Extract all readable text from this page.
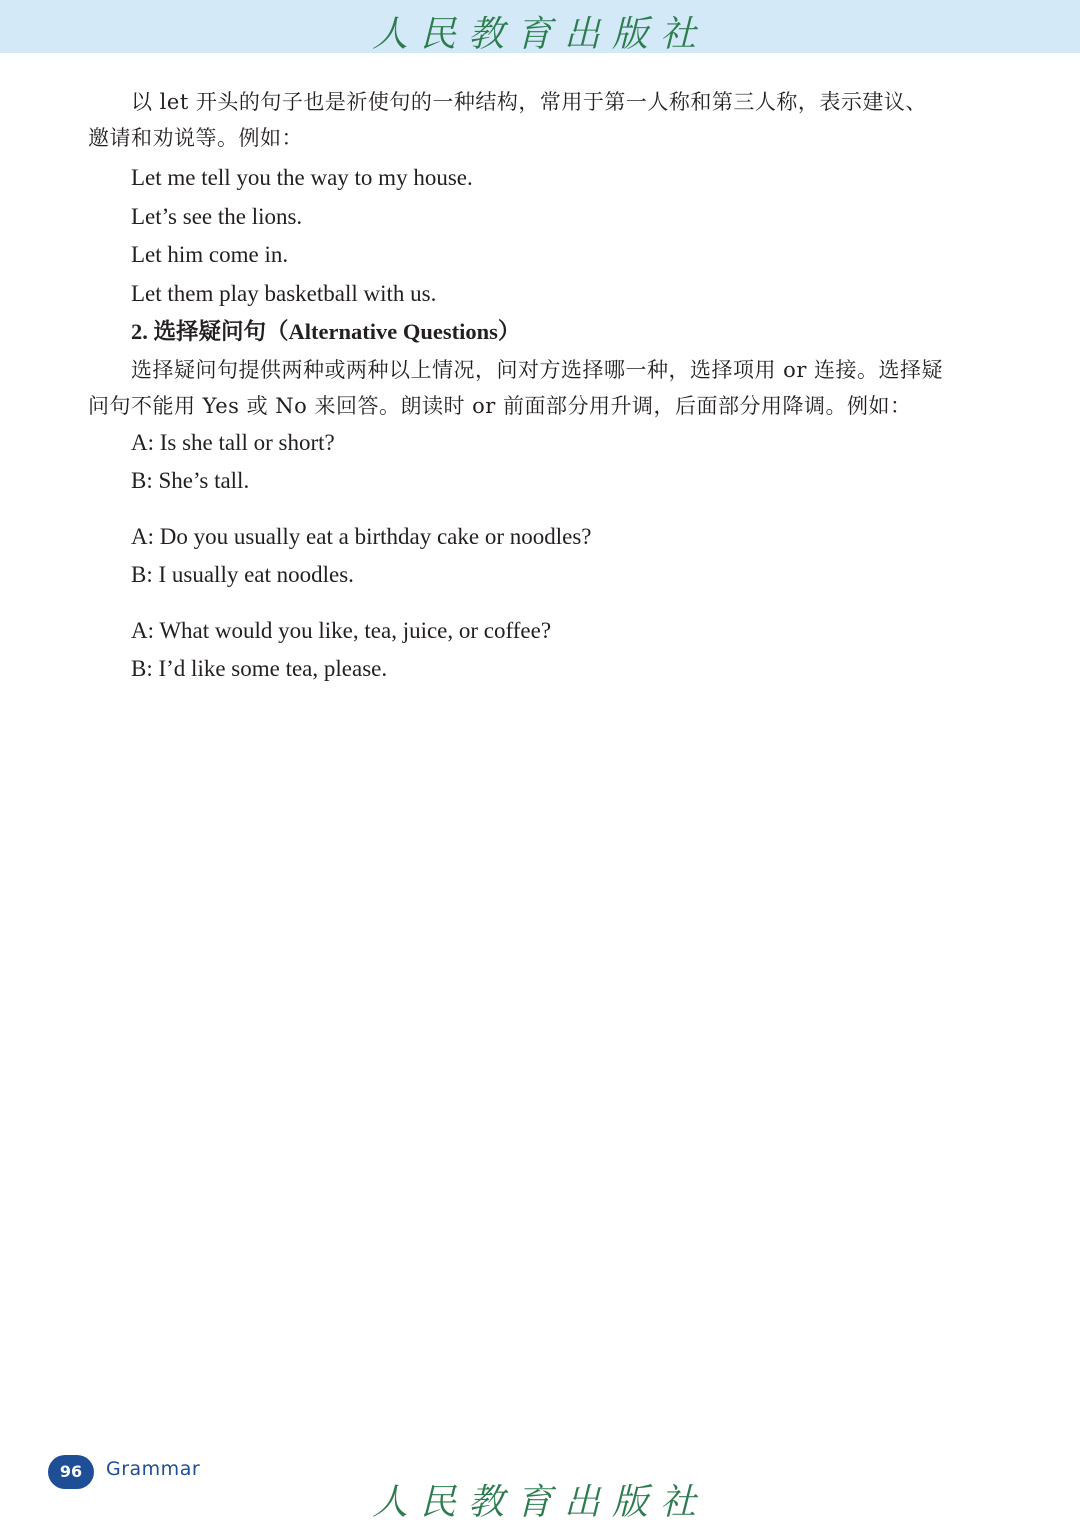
人民教育出版社

以 let 开头的句子也是祈使句的一种结构，常用于第一人称和第三人称，表示建议、邀请和劝说等。例如：

Let me tell you the way to my house.

Let’s see the lions.

Let him come in.

Let them play basketball with us.

2. 选择疑问句（Alternative Questions）

选择疑问句提供两种或两种以上情况，问对方选择哪一种，选择项用 or 连接。选择疑问句不能用 Yes 或 No 来回答。朗读时 or 前面部分用升调，后面部分用降调。例如：

A: Is she tall or short?

B: She’s tall.

A: Do you usually eat a birthday cake or noodles?

B: I usually eat noodles.

A: What would you like, tea, juice, or coffee?

B: I’d like some tea, please.

96	Grammar
人民教育出版社
